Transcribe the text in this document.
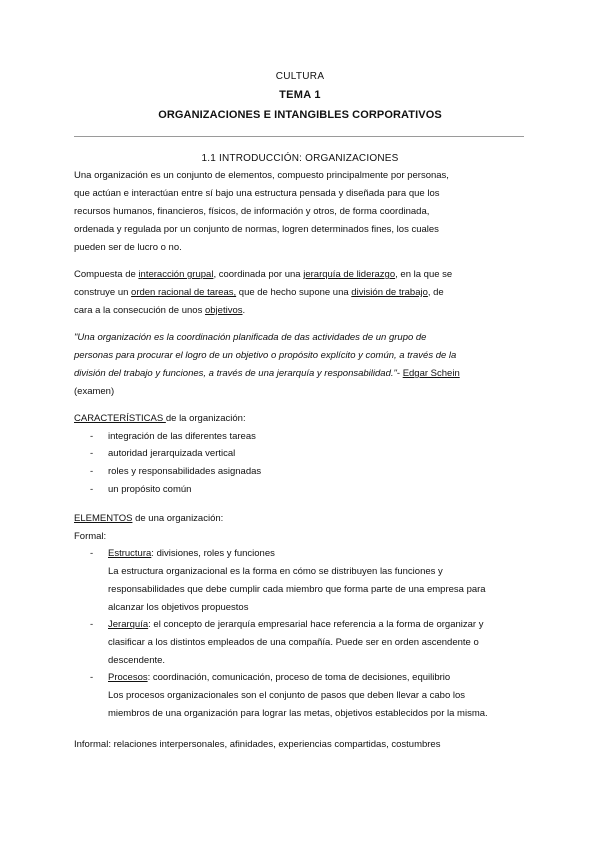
CULTURA
TEMA 1
ORGANIZACIONES E INTANGIBLES CORPORATIVOS
1.1 INTRODUCCIÓN: ORGANIZACIONES

Una organización es un conjunto de elementos, compuesto principalmente por personas,

que actúan e interactúan entre sí bajo una estructura pensada y diseñada para que los

recursos humanos, financieros, físicos, de información y otros, de forma coordinada,

ordenada y regulada por un conjunto de normas, logren determinados fines, los cuales

pueden ser de lucro o no.

Compuesta de interacción grupal, coordinada por una jerarquía de liderazgo, en la que se

construye un orden racional de tareas, que de hecho supone una división de trabajo, de

cara a la consecución de unos objetivos.

"Una organización es la coordinación planificada de das actividades de un grupo de

personas para procurar el logro de un objetivo o propósito explícito y común, a través de la

división del trabajo y funciones, a través de una jerarquía y responsabilidad."- Edgar Schein

(examen)

CARACTERÍSTICAS de la organización:
- integración de las diferentes tareas
- autoridad jerarquizada vertical
- roles y responsabilidades asignadas
- un propósito común
ELEMENTOS de una organización:
Formal:
- Estructura: divisiones, roles y funciones
La estructura organizacional es la forma en cómo se distribuyen las funciones y
responsabilidades que debe cumplir cada miembro que forma parte de una empresa para
alcanzar los objetivos propuestos
- Jerarquía: el concepto de jerarquía empresarial hace referencia a la forma de organizar y
clasificar a los distintos empleados de una compañía. Puede ser en orden ascendente o
descendente.
- Procesos: coordinación, comunicación, proceso de toma de decisiones, equilibrio
Los procesos organizacionales son el conjunto de pasos que deben llevar a cabo los
miembros de una organización para lograr las metas, objetivos establecidos por la misma.

Informal: relaciones interpersonales, afinidades, experiencias compartidas, costumbres
